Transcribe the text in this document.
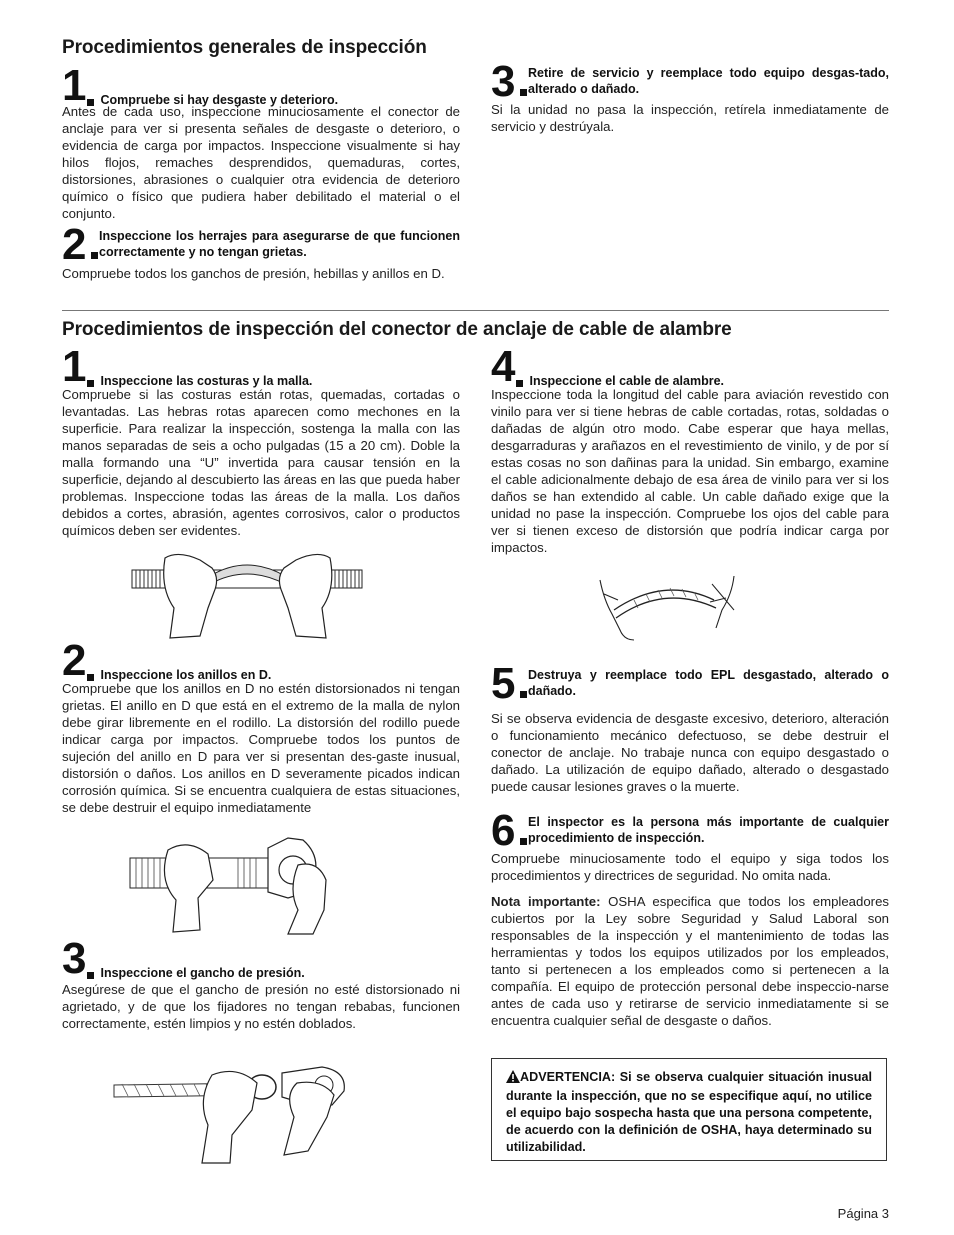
Procedimientos generales de inspección
1 Compruebe si hay desgaste y deterioro.

Antes de cada uso, inspeccione minuciosamente el conector de anclaje para ver si presenta señales de desgaste o deterioro, o evidencia de carga por impactos. Inspeccione visualmente si hay hilos flojos, remaches desprendidos, quemaduras, cortes, distorsiones, abrasiones o cualquier otra evidencia de deterioro químico o físico que pudiera haber debilitado el material o el conjunto.

2 Inspeccione los herrajes para asegurarse de que funcionen correctamente y no tengan grietas.

Compruebe todos los ganchos de presión, hebillas y anillos en D.

3 Retire de servicio y reemplace todo equipo desgas-tado, alterado o dañado.

Si la unidad no pasa la inspección, retírela inmediatamente de servicio y destrúyala.

Procedimientos de inspección del conector de anclaje de cable de alambre
1 Inspeccione las costuras y la malla.

Compruebe si las costuras están rotas, quemadas, cortadas o levantadas. Las hebras rotas aparecen como mechones en la superficie. Para realizar la inspección, sostenga la malla con las manos separadas de seis a ocho pulgadas (15 a 20 cm). Doble la malla formando una “U” invertida para causar tensión en la superficie, dejando al descubierto las áreas en las que pueda haber problemas. Inspeccione todas las áreas de la malla. Los daños debidos a cortes, abrasión, agentes corrosivos, calor o productos químicos deben ser evidentes.

2 Inspeccione los anillos en D.

Compruebe que los anillos en D no estén distorsionados ni tengan grietas. El anillo en D que está en el extremo de la malla de nylon debe girar libremente en el rodillo. La distorsión del rodillo puede indicar carga por impactos. Compruebe todos los puntos de sujeción del anillo en D para ver si presentan des-gaste inusual, distorsión o daños. Los anillos en D severamente picados indican corrosión química. Si se encuentra cualquiera de estas situaciones, se debe destruir el equipo inmediatamente

3 Inspeccione el gancho de presión.

Asegúrese de que el gancho de presión no esté distorsionado ni agrietado, y de que los fijadores no tengan rebabas, funcionen correctamente, estén limpios y no estén doblados.

4 Inspeccione el cable de alambre.

Inspeccione toda la longitud del cable para aviación revestido con vinilo para ver si tiene hebras de cable cortadas, rotas, soldadas o dañadas de algún otro modo. Cabe esperar que haya mellas, desgarraduras y arañazos en el revestimiento de vinilo, y de por sí estas cosas no son dañinas para la unidad. Sin embargo, examine el cable adicionalmente debajo de esa área de vinilo para ver si los daños se han extendido al cable. Un cable dañado exige que la unidad no pase la inspección. Compruebe los ojos del cable para ver si tienen exceso de distorsión que podría indicar carga por impactos.

5 Destruya y reemplace todo EPL desgastado, alterado o dañado.

Si se observa evidencia de desgaste excesivo, deterioro, alteración o funcionamiento mecánico defectuoso, se debe destruir el conector de anclaje. No trabaje nunca con equipo desgastado o dañado. La utilización de equipo dañado, alterado o desgastado puede causar lesiones graves o la muerte.

6 El inspector es la persona más importante de cualquier procedimiento de inspección.

Compruebe minuciosamente todo el equipo y siga todos los procedimientos y directrices de seguridad. No omita nada.

Nota importante: OSHA especifica que todos los empleadores cubiertos por la Ley sobre Seguridad y Salud Laboral son responsables de la inspección y el mantenimiento de todas las herramientas y todos los equipos utilizados por los empleados, tanto si pertenecen a los empleados como si pertenecen a la compañía. El equipo de protección personal debe inspeccio-narse antes de cada uso y retirarse de servicio inmediatamente si se encuentra cualquier señal de desgaste o daños.

ADVERTENCIA: Si se observa cualquier situación inusual durante la inspección, que no se especifique aquí, no utilice el equipo bajo sospecha hasta que una persona competente, de acuerdo con la definición de OSHA, haya determinado su utilizabilidad.
Página 3
